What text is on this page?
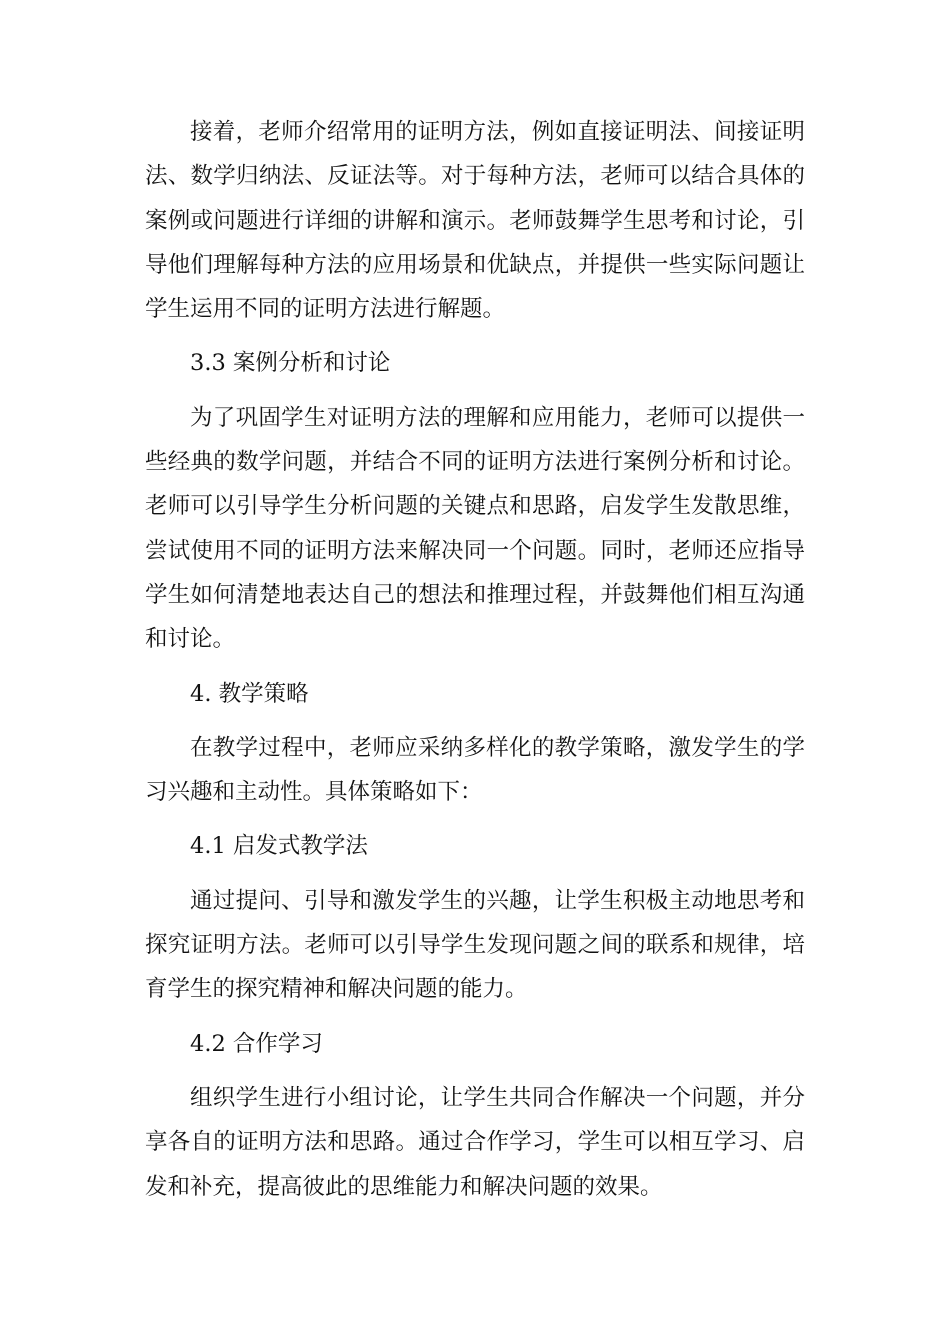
接着，老师介绍常用的证明方法，例如直接证明法、间接证明法、数学归纳法、反证法等。对于每种方法，老师可以结合具体的案例或问题进行详细的讲解和演示。老师鼓舞学生思考和讨论，引导他们理解每种方法的应用场景和优缺点，并提供一些实际问题让学生运用不同的证明方法进行解题。

3.3 案例分析和讨论

为了巩固学生对证明方法的理解和应用能力，老师可以提供一些经典的数学问题，并结合不同的证明方法进行案例分析和讨论。老师可以引导学生分析问题的关键点和思路，启发学生发散思维，尝试使用不同的证明方法来解决同一个问题。同时，老师还应指导学生如何清楚地表达自己的想法和推理过程，并鼓舞他们相互沟通和讨论。

4. 教学策略

在教学过程中，老师应采纳多样化的教学策略，激发学生的学习兴趣和主动性。具体策略如下：

4.1 启发式教学法

通过提问、引导和激发学生的兴趣，让学生积极主动地思考和探究证明方法。老师可以引导学生发现问题之间的联系和规律，培育学生的探究精神和解决问题的能力。

4.2 合作学习

组织学生进行小组讨论，让学生共同合作解决一个问题，并分享各自的证明方法和思路。通过合作学习，学生可以相互学习、启发和补充，提高彼此的思维能力和解决问题的效果。
